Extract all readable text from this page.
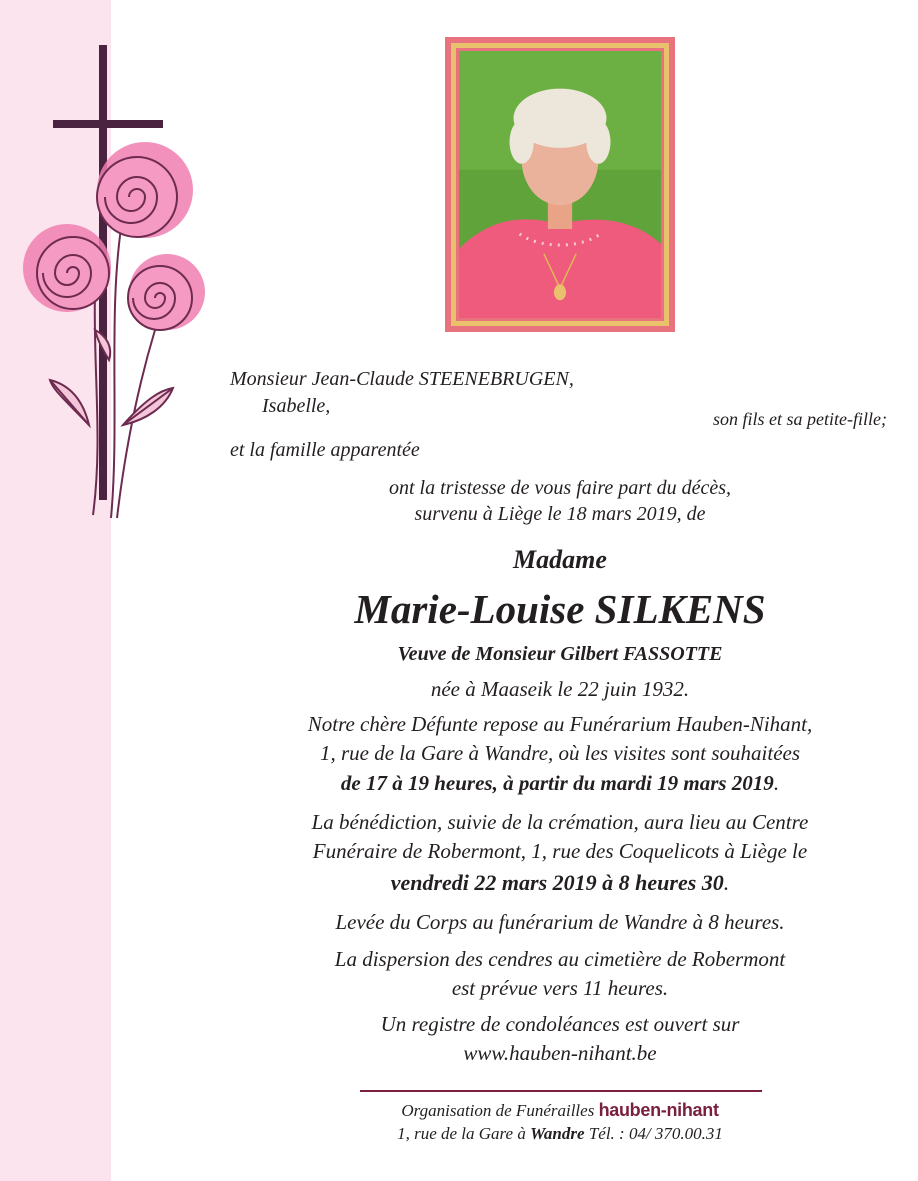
Monsieur Jean-Claude STEENEBRUGEN,
Isabelle,
son fils et sa petite-fille;
et la famille apparentée
ont la tristesse de vous faire part du décès,
survenu à Liège le 18 mars 2019, de
Madame
Marie-Louise SILKENS
Veuve de Monsieur Gilbert FASSOTTE
née à Maaseik le 22 juin 1932.
Notre chère Défunte repose au Funérarium Hauben-Nihant,
1, rue de la Gare à Wandre, où les visites sont souhaitées
de 17 à 19 heures, à partir du mardi 19 mars 2019.
La bénédiction, suivie de la crémation, aura lieu au Centre
Funéraire de Robermont, 1, rue des Coquelicots à Liège le
vendredi 22 mars 2019 à 8 heures 30.
Levée du Corps au funérarium de Wandre à 8 heures.
La dispersion des cendres au cimetière de Robermont
est prévue vers 11 heures.
Un registre de condoléances est ouvert sur
www.hauben-nihant.be
Organisation de Funérailles hauben-nihant
1, rue de la Gare à Wandre Tél. : 04/ 370.00.31
